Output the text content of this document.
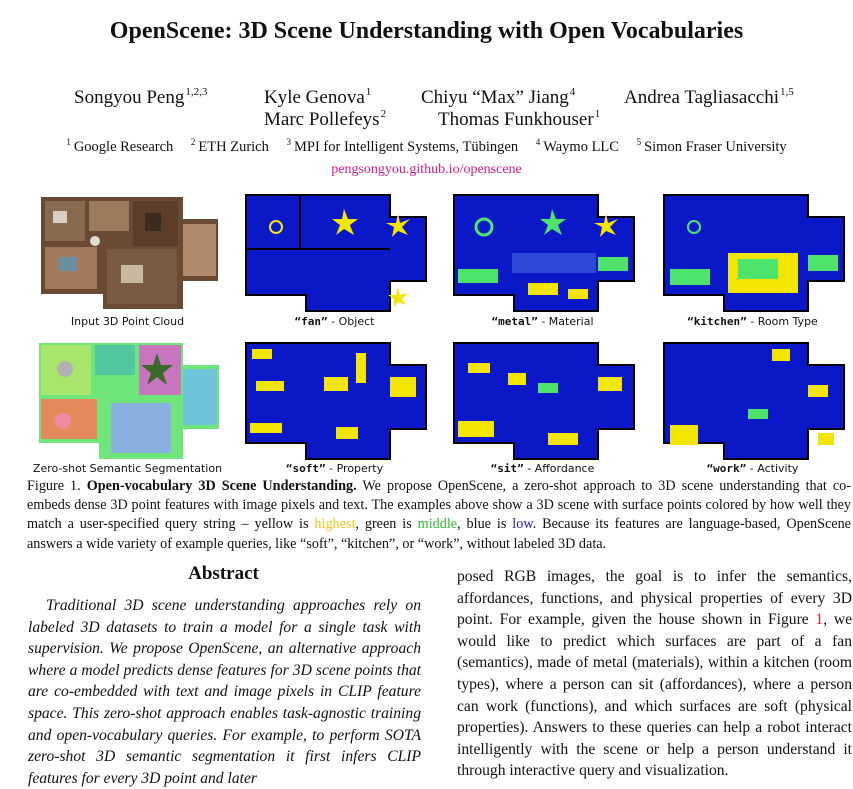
OpenScene: 3D Scene Understanding with Open Vocabularies
Songyou Peng$^{1,2,3}$	Kyle Genova$^1$	Chiyu “Max” Jiang$^4$	Andrea Tagliasacchi$^{1,5}$
Marc Pollefeys$^2$	Thomas Funkhouser$^1$
$^1$ Google Research $^2$ ETH Zurich $^3$ MPI for Intelligent Systems, Tübingen $^4$ Waymo LLC $^5$ Simon Fraser University
pengsongyou.github.io/openscene
Input 3D Point Cloud	“fan” - Object	“metal” - Material	“kitchen” - Room Type
Zero-shot Semantic Segmentation	“soft” - Property	“sit” - Affordance	“work” - Activity
Figure 1. Open-vocabulary 3D Scene Understanding. We propose OpenScene, a zero-shot approach to 3D scene understanding that co-embeds dense 3D point features with image pixels and text. The examples above show a 3D scene with surface points colored by how well they match a user-specified query string – yellow is highest, green is middle, blue is low. Because its features are language-based, OpenScene answers a wide variety of example queries, like “soft”, “kitchen”, or “work”, without labeled 3D data.
Abstract
Traditional 3D scene understanding approaches rely on labeled 3D datasets to train a model for a single task with supervision. We propose OpenScene, an alternative approach where a model predicts dense features for 3D scene points that are co-embedded with text and image pixels in CLIP feature space. This zero-shot approach enables task-agnostic training and open-vocabulary queries. For example, to perform SOTA zero-shot 3D semantic segmentation it first infers CLIP features for every 3D point and later
posed RGB images, the goal is to infer the semantics, affordances, functions, and physical properties of every 3D point. For example, given the house shown in Figure 1, we would like to predict which surfaces are part of a fan (semantics), made of metal (materials), within a kitchen (room types), where a person can sit (affordances), where a person can work (functions), and which surfaces are soft (physical properties). Answers to these queries can help a robot interact intelligently with the scene or help a person understand it through interactive query and visualization.
